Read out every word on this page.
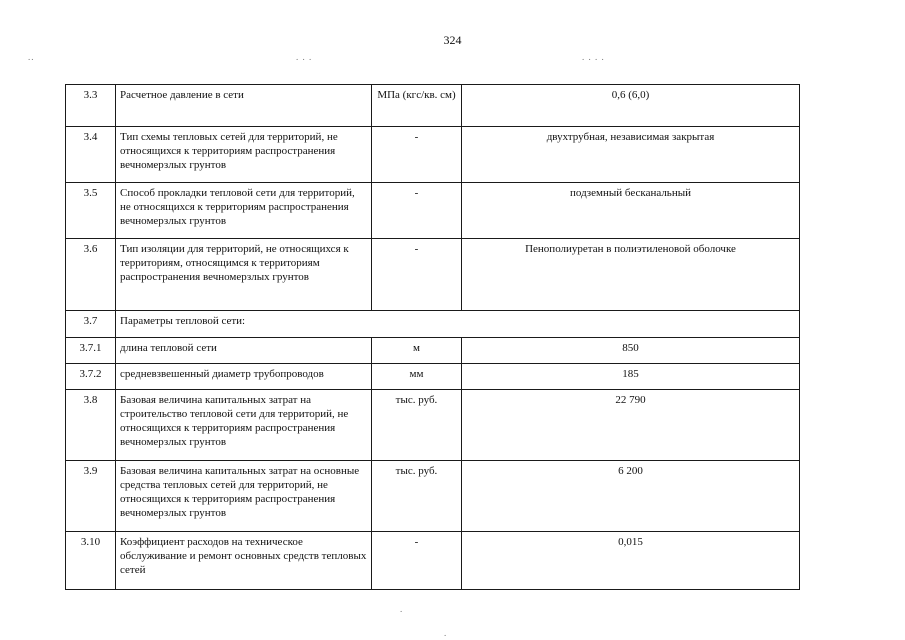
324
..	. . .	. . . .
3.3	Расчетное давление в сети	МПа (кгс/кв. см)	0,6 (6,0)
3.4	Тип схемы тепловых сетей для территорий, не относящихся к территориям распространения вечномерзлых грунтов	-	двухтрубная, независимая закрытая
3.5	Способ прокладки тепловой сети для территорий, не относящихся к территориям распространения вечномерзлых грунтов	-	подземный бесканальный
3.6	Тип изоляции для территорий, не относящихся к территориям, относящимся к территориям распространения вечномерзлых грунтов	-	Пенополиуретан в полиэтиленовой оболочке
3.7	Параметры тепловой сети:		
3.7.1	длина тепловой сети	м	850
3.7.2	средневзвешенный диаметр трубопроводов	мм	185
3.8	Базовая величина капитальных затрат на строительство тепловой сети для территорий, не относящихся к территориям распространения вечномерзлых грунтов	тыс. руб.	22 790
3.9	Базовая величина капитальных затрат на основные средства тепловых сетей для территорий, не относящихся к территориям распространения вечномерзлых грунтов	тыс. руб.	6 200
3.10	Коэффициент расходов на техническое обслуживание и ремонт основных средств тепловых сетей	-	0,015
.
.
